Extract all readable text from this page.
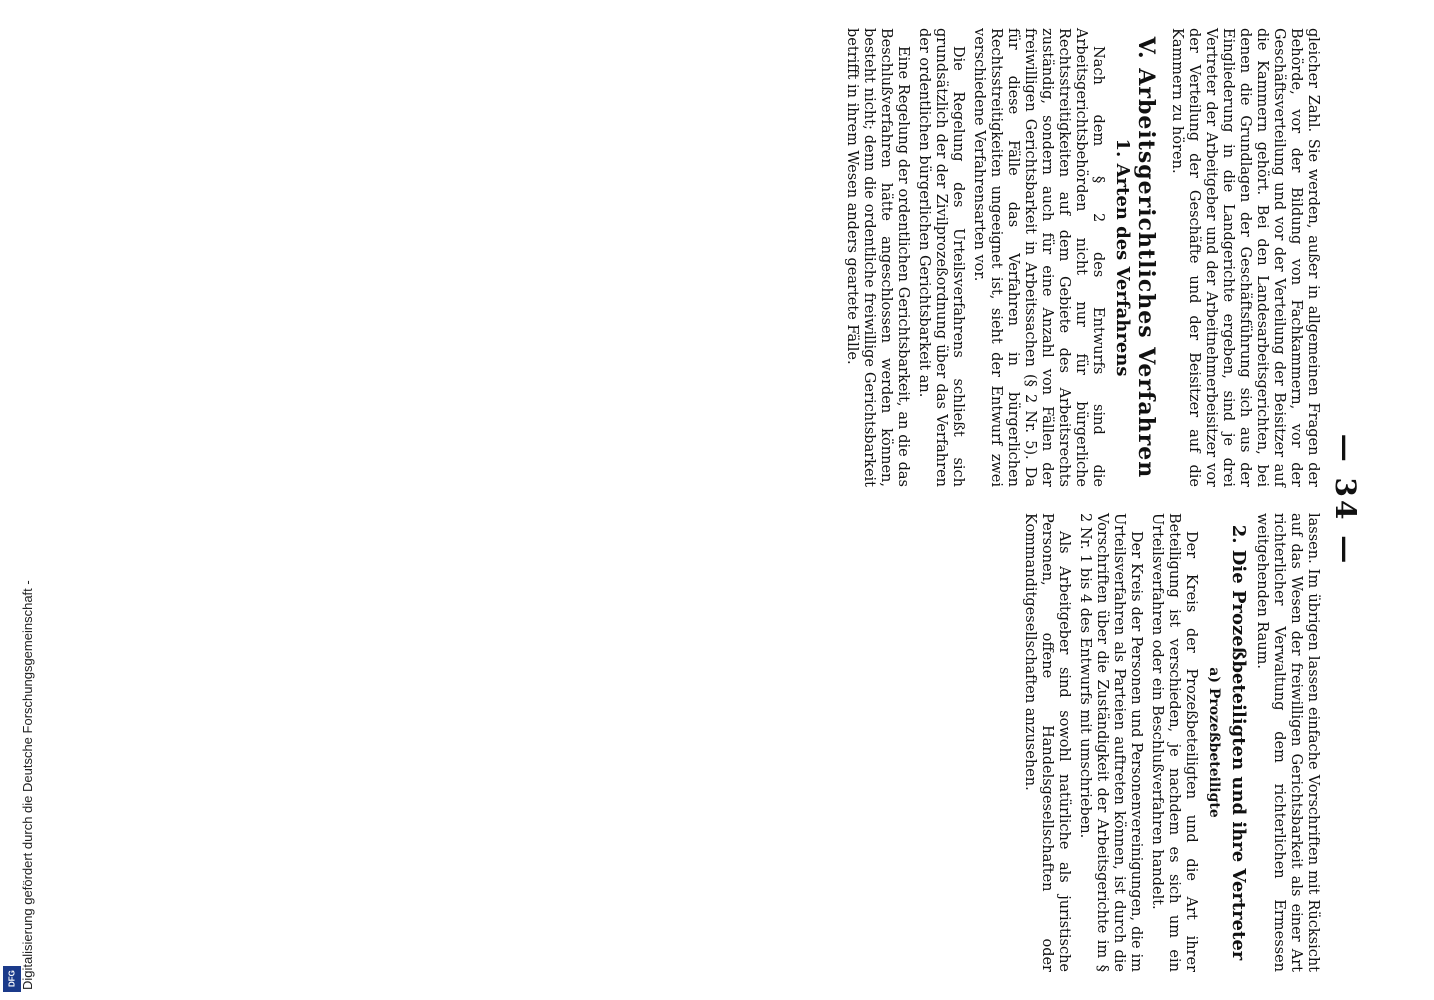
DFG Digitalisierung gefördert durch die Deutsche Forschungsgemeinschaft -
— 34 —

gleicher Zahl. Sie werden, außer in allgemeinen Fragen der Behörde, vor der Bildung von Fachkammern, vor der Geschäftsverteilung und vor der Verteilung der Beisitzer auf die Kammern gehört. Bei den Landesarbeitsgerichten, bei denen die Grundlagen der Geschäftsführung sich aus der Eingliederung in die Landgerichte ergeben, sind je drei Vertreter der Arbeitgeber und der Arbeitnehmerbeisitzer vor der Verteilung der Geschäfte und der Beisitzer auf die Kammern zu hören.

V. Arbeitsgerichtliches Verfahren
1. Arten des Verfahrens

Nach dem § 2 des Entwurfs sind die Arbeitsgerichtsbehörden nicht nur für bürgerliche Rechtsstreitigkeiten auf dem Gebiete des Arbeitsrechts zuständig, sondern auch für eine Anzahl von Fällen der freiwilligen Gerichtsbarkeit in Arbeitssachen (§ 2 Nr. 5). Da für diese Fälle das Verfahren in bürgerlichen Rechtsstreitigkeiten ungeeignet ist, sieht der Entwurf zwei verschiedene Verfahrensarten vor.

Die Regelung des Urteilsverfahrens schließt sich grundsätzlich der der Zivilprozeßordnung über das Verfahren der ordentlichen bürgerlichen Gerichtsbarkeit an.

Eine Regelung der ordentlichen Gerichtsbarkeit, an die das Beschlußverfahren hätte angeschlossen werden können, besteht nicht; denn die ordentliche freiwillige Gerichtsbarkeit betrifft in ihrem Wesen anders geartete Fälle.

lassen. Im übrigen lassen einfache Vorschriften mit Rücksicht auf das Wesen der freiwilligen Gerichtsbarkeit als einer Art richterlicher Verwaltung dem richterlichen Ermessen weitgehenden Raum.

2. Die Prozeßbeteiligten und ihre Vertreter
a) Prozeßbeteiligte

Der Kreis der Prozeßbeteiligten und die Art ihrer Beteiligung ist verschieden, je nachdem es sich um ein Urteilsverfahren oder ein Beschlußverfahren handelt.

Der Kreis der Personen und Personenvereinigungen, die im Urteilsverfahren als Parteien auftreten können, ist durch die Vorschriften über die Zuständigkeit der Arbeitsgerichte im § 2 Nr. 1 bis 4 des Entwurfs mit umschrieben.

Als Arbeitgeber sind sowohl natürliche als juristische Personen, offene Handelsgesellschaften oder Kommanditgesellschaften anzusehen.
